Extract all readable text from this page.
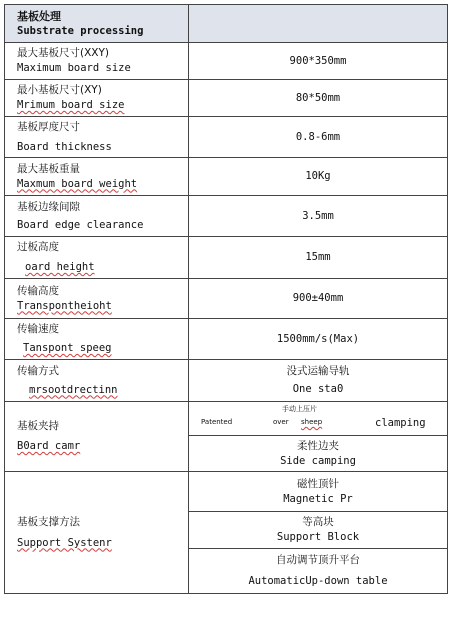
基板处理
Substrate processing	

最大基板尺寸(XXY)
Maximum board size	900*350mm

最小基板尺寸(XY)
Mrimum board size	80*50mm

基板厚度尺寸
Board thickness	0.8-6mm

最大基板重量
Maxmum board weight	10Kg

基板边缘间隙
Board edge clearance	3.5mm

过板高度
oard height	15mm

传输高度
Transpontheioht	900±40mm

传输速度
Tanspont speeg	1500mm/s(Max)

传输方式
mrsootdrectinn	没式运输导轨
One sta0

基板夹持
B0ard camr	手动上压片
Patented over sheep clamping

	柔性边夹
Side camping

基板支撑方法
Support Systenr	磁性顶针
Magnetic Pr

	等高块
Support Block

	自动调节顶升平台
AutomaticUp-down table
